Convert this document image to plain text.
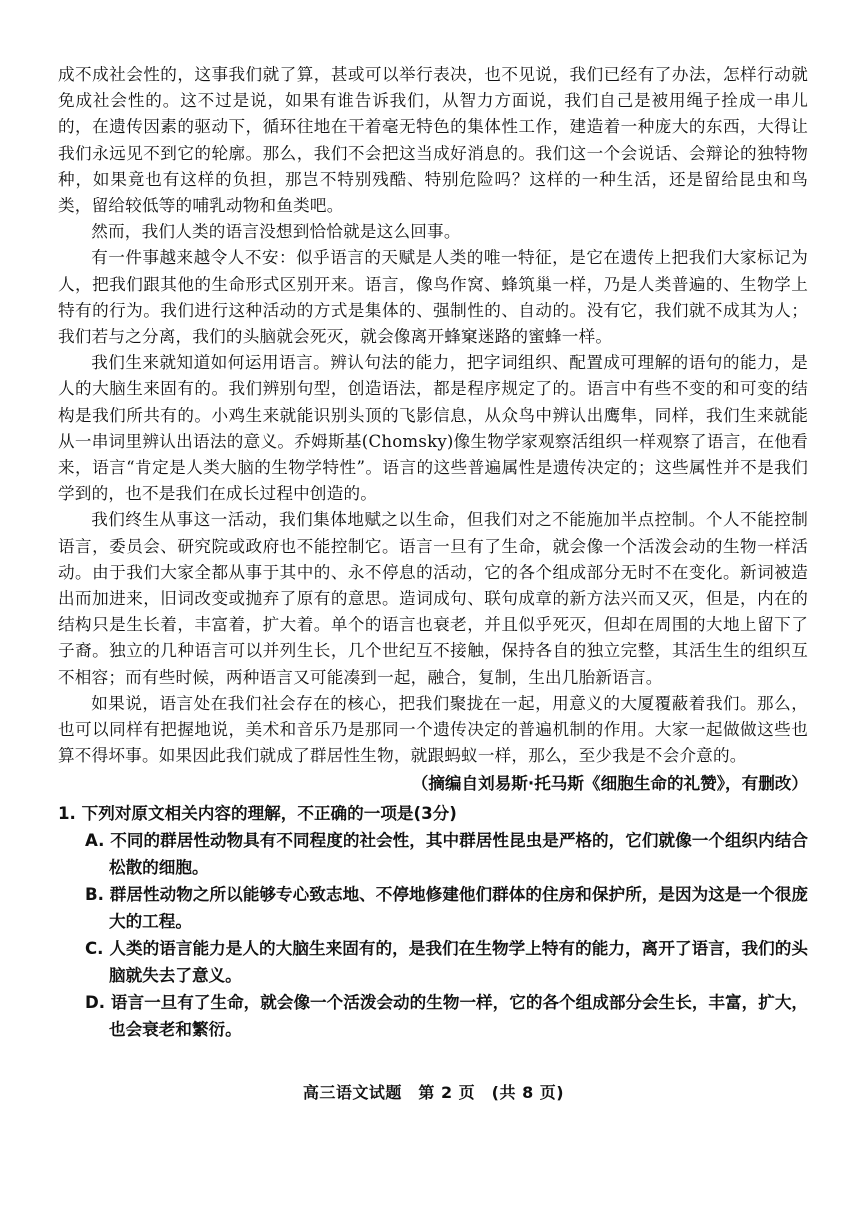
成不成社会性的，这事我们就了算，甚或可以举行表决，也不见说，我们已经有了办法，怎样行动就免成社会性的。这不过是说，如果有谁告诉我们，从智力方面说，我们自己是被用绳子拴成一串儿的，在遗传因素的驱动下，循环往地在干着毫无特色的集体性工作，建造着一种庞大的东西，大得让我们永远见不到它的轮廓。那么，我们不会把这当成好消息的。我们这一个会说话、会辩论的独特物种，如果竟也有这样的负担，那岂不特别残酷、特别危险吗？这样的一种生活，还是留给昆虫和鸟类，留给较低等的哺乳动物和鱼类吧。

然而，我们人类的语言没想到恰恰就是这么回事。

有一件事越来越令人不安：似乎语言的天赋是人类的唯一特征，是它在遗传上把我们大家标记为人，把我们跟其他的生命形式区别开来。语言，像鸟作窝、蜂筑巢一样，乃是人类普遍的、生物学上特有的行为。我们进行这种活动的方式是集体的、强制性的、自动的。没有它，我们就不成其为人；我们若与之分离，我们的头脑就会死灭，就会像离开蜂窠迷路的蜜蜂一样。

我们生来就知道如何运用语言。辨认句法的能力，把字词组织、配置成可理解的语句的能力，是人的大脑生来固有的。我们辨别句型，创造语法，都是程序规定了的。语言中有些不变的和可变的结构是我们所共有的。小鸡生来就能识别头顶的飞影信息，从众鸟中辨认出鹰隼，同样，我们生来就能从一串词里辨认出语法的意义。乔姆斯基(Chomsky)像生物学家观察活组织一样观察了语言，在他看来，语言“肯定是人类大脑的生物学特性”。语言的这些普遍属性是遗传决定的；这些属性并不是我们学到的，也不是我们在成长过程中创造的。

我们终生从事这一活动，我们集体地赋之以生命，但我们对之不能施加半点控制。个人不能控制语言，委员会、研究院或政府也不能控制它。语言一旦有了生命，就会像一个活泼会动的生物一样活动。由于我们大家全都从事于其中的、永不停息的活动，它的各个组成部分无时不在变化。新词被造出而加进来，旧词改变或抛弃了原有的意思。造词成句、联句成章的新方法兴而又灭，但是，内在的结构只是生长着，丰富着，扩大着。单个的语言也衰老，并且似乎死灭，但却在周围的大地上留下了子裔。独立的几种语言可以并列生长，几个世纪互不接触，保持各自的独立完整，其活生生的组织互不相容；而有些时候，两种语言又可能凑到一起，融合，复制，生出几胎新语言。

如果说，语言处在我们社会存在的核心，把我们聚拢在一起，用意义的大厦覆蔽着我们。那么，也可以同样有把握地说，美术和音乐乃是那同一个遗传决定的普遍机制的作用。大家一起做做这些也算不得坏事。如果因此我们就成了群居性生物，就跟蚂蚁一样，那么，至少我是不会介意的。

（摘编自刘易斯·托马斯《细胞生命的礼赞》，有删改）

1. 下列对原文相关内容的理解，不正确的一项是(3分)

A. 不同的群居性动物具有不同程度的社会性，其中群居性昆虫是严格的，它们就像一个组织内结合松散的细胞。

B. 群居性动物之所以能够专心致志地、不停地修建他们群体的住房和保护所，是因为这是一个很庞大的工程。

C. 人类的语言能力是人的大脑生来固有的，是我们在生物学上特有的能力，离开了语言，我们的头脑就失去了意义。

D. 语言一旦有了生命，就会像一个活泼会动的生物一样，它的各个组成部分会生长，丰富，扩大，也会衰老和繁衍。

高三语文试题　第 2 页　(共 8 页)
